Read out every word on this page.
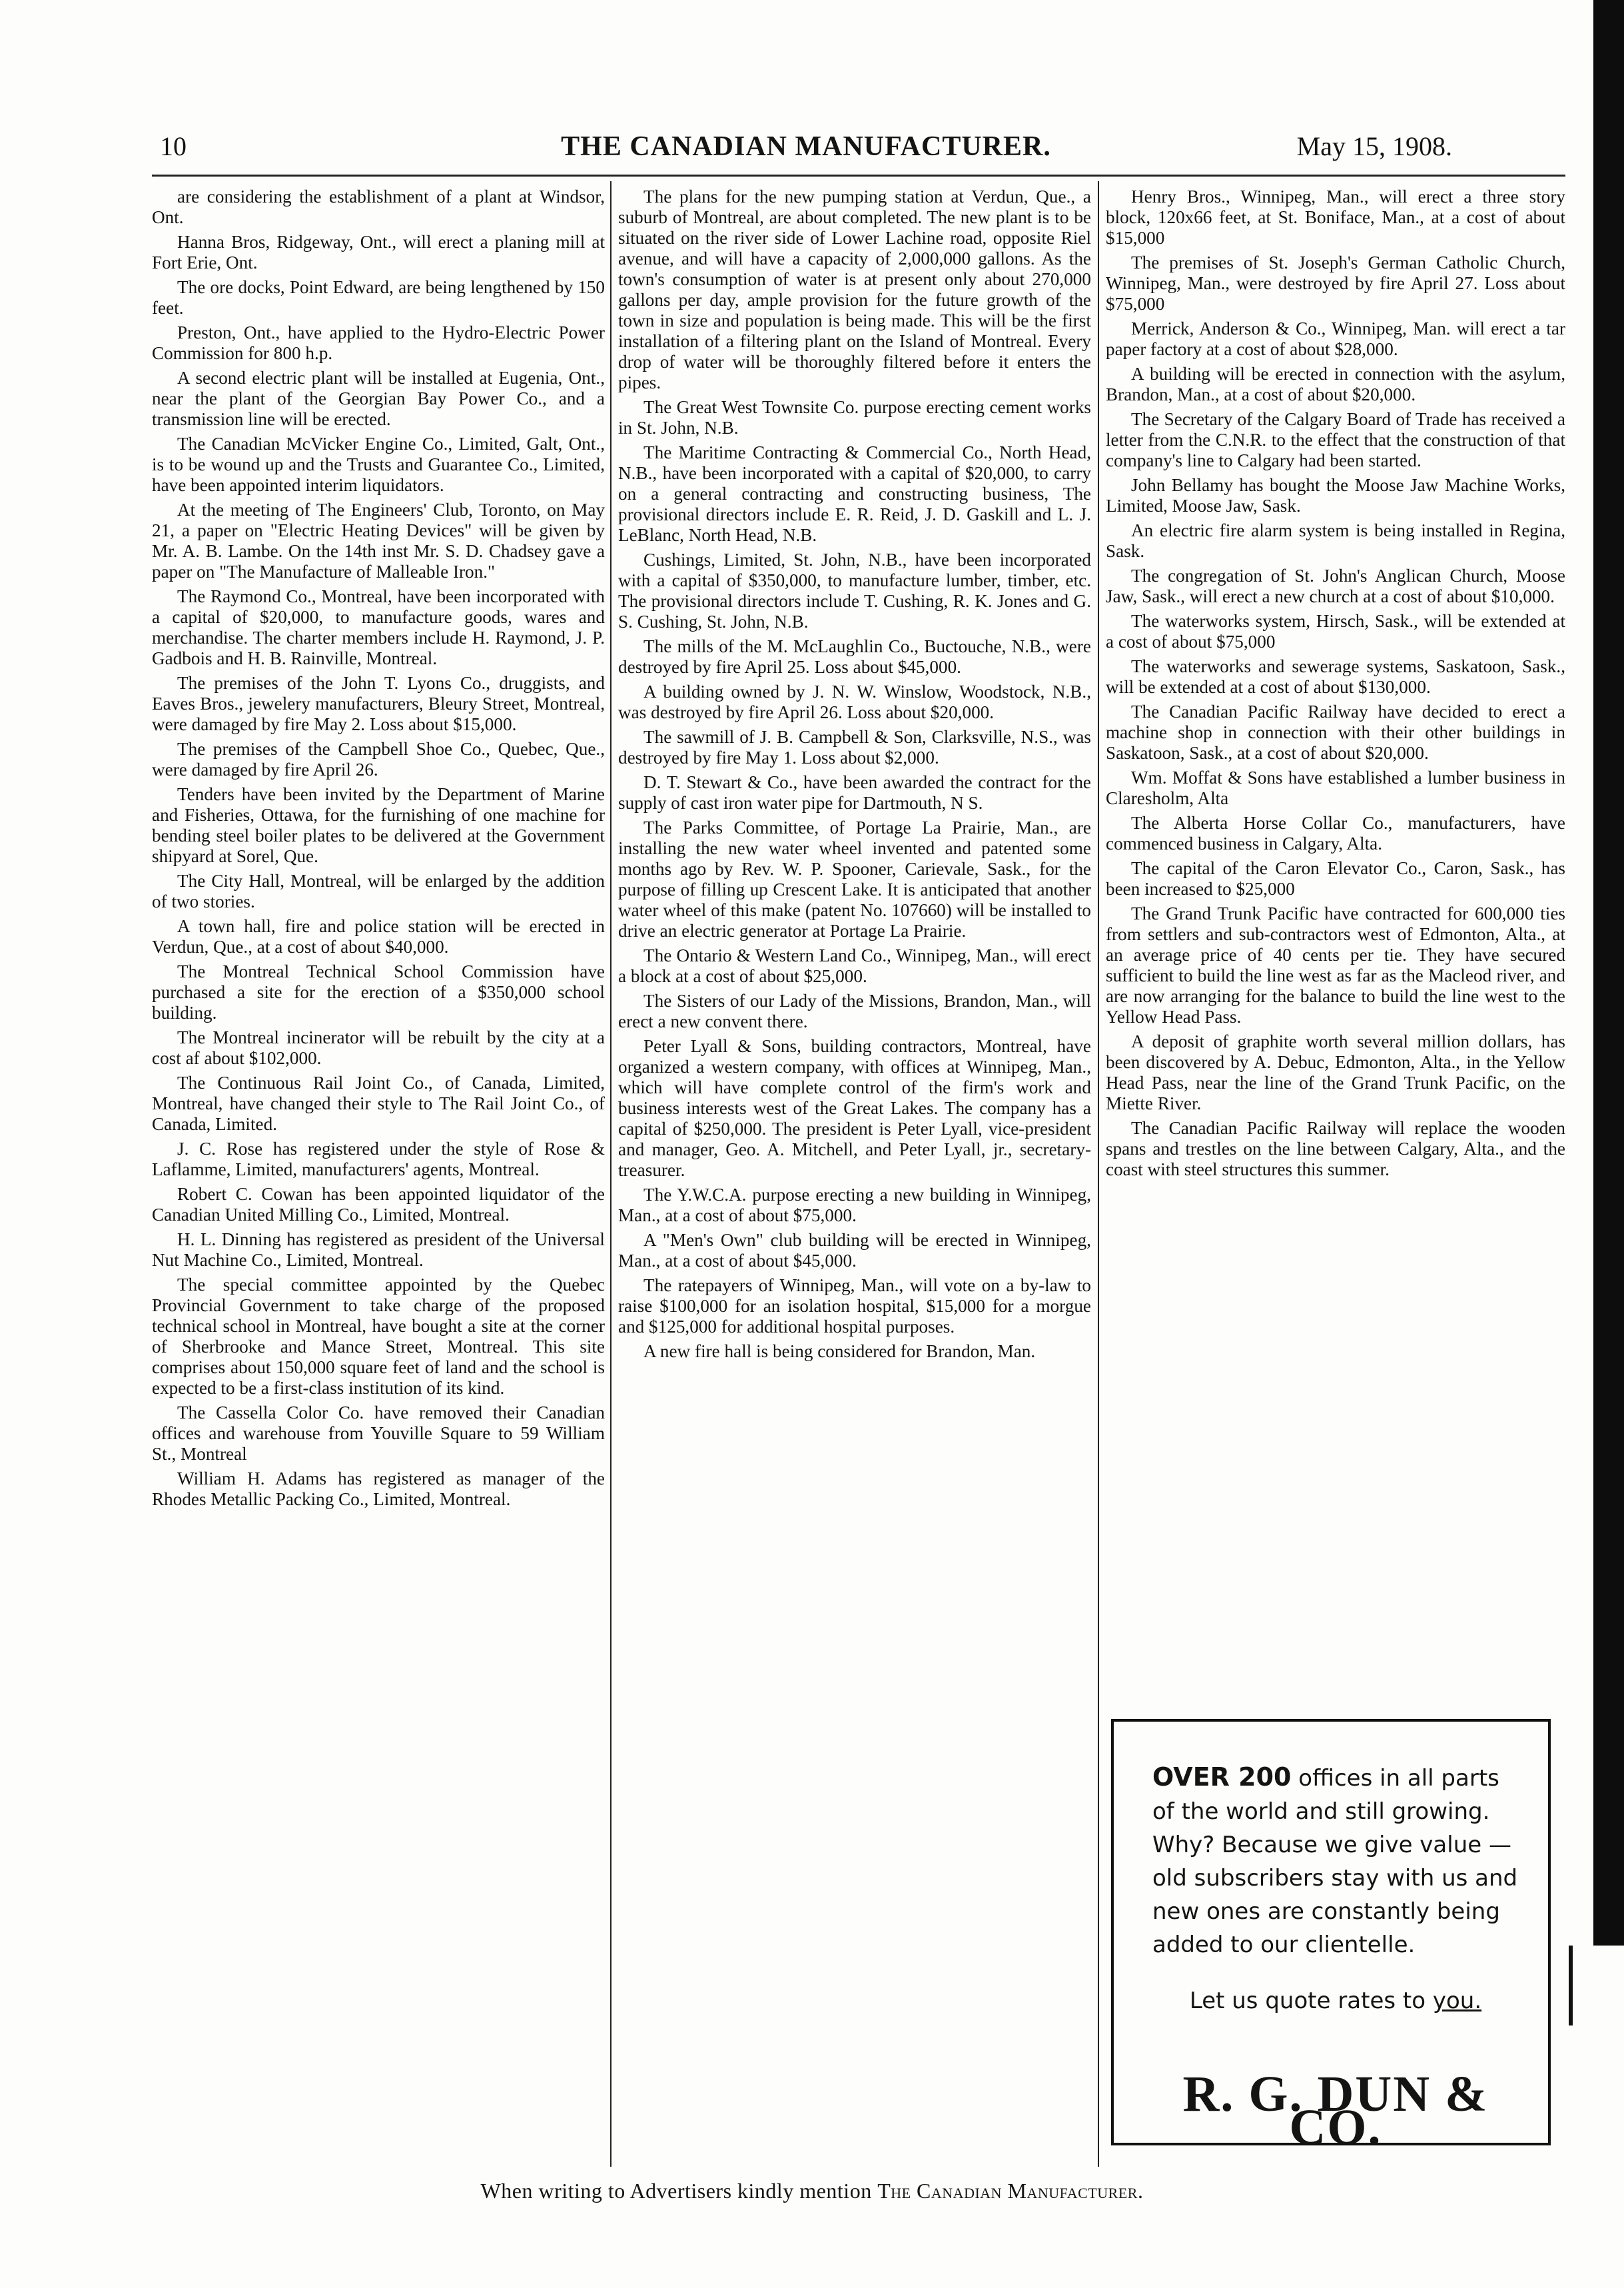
10	THE CANADIAN MANUFACTURER.	May 15, 1908.

are considering the establishment of a plant at Windsor, Ont.

Hanna Bros, Ridgeway, Ont., will erect a planing mill at Fort Erie, Ont.

The ore docks, Point Edward, are being lengthened by 150 feet.

Preston, Ont., have applied to the Hydro-Electric Power Commission for 800 h.p.

A second electric plant will be installed at Eugenia, Ont., near the plant of the Georgian Bay Power Co., and a transmission line will be erected.

The Canadian McVicker Engine Co., Limited, Galt, Ont., is to be wound up and the Trusts and Guarantee Co., Limited, have been appointed interim liquidators.

At the meeting of The Engineers' Club, Toronto, on May 21, a paper on "Electric Heating Devices" will be given by Mr. A. B. Lambe. On the 14th inst Mr. S. D. Chadsey gave a paper on "The Manufacture of Malleable Iron."

The Raymond Co., Montreal, have been incorporated with a capital of $20,000, to manufacture goods, wares and merchandise. The charter members include H. Raymond, J. P. Gadbois and H. B. Rainville, Montreal.

The premises of the John T. Lyons Co., druggists, and Eaves Bros., jewelery manufacturers, Bleury Street, Montreal, were damaged by fire May 2. Loss about $15,000.

The premises of the Campbell Shoe Co., Quebec, Que., were damaged by fire April 26.

Tenders have been invited by the Department of Marine and Fisheries, Ottawa, for the furnishing of one machine for bending steel boiler plates to be delivered at the Government shipyard at Sorel, Que.

The City Hall, Montreal, will be enlarged by the addition of two stories.

A town hall, fire and police station will be erected in Verdun, Que., at a cost of about $40,000.

The Montreal Technical School Commission have purchased a site for the erection of a $350,000 school building.

The Montreal incinerator will be rebuilt by the city at a cost af about $102,000.

The Continuous Rail Joint Co., of Canada, Limited, Montreal, have changed their style to The Rail Joint Co., of Canada, Limited.

J. C. Rose has registered under the style of Rose & Laflamme, Limited, manufacturers' agents, Montreal.

Robert C. Cowan has been appointed liquidator of the Canadian United Milling Co., Limited, Montreal.

H. L. Dinning has registered as president of the Universal Nut Machine Co., Limited, Montreal.

The special committee appointed by the Quebec Provincial Government to take charge of the proposed technical school in Montreal, have bought a site at the corner of Sherbrooke and Mance Street, Montreal. This site comprises about 150,000 square feet of land and the school is expected to be a first-class institution of its kind.

The Cassella Color Co. have removed their Canadian offices and warehouse from Youville Square to 59 William St., Montreal

William H. Adams has registered as manager of the Rhodes Metallic Packing Co., Limited, Montreal.

The plans for the new pumping station at Verdun, Que., a suburb of Montreal, are about completed. The new plant is to be situated on the river side of Lower Lachine road, opposite Riel avenue, and will have a capacity of 2,000,000 gallons. As the town's consumption of water is at present only about 270,000 gallons per day, ample provision for the future growth of the town in size and population is being made. This will be the first installation of a filtering plant on the Island of Montreal. Every drop of water will be thoroughly filtered before it enters the pipes.

The Great West Townsite Co. purpose erecting cement works in St. John, N.B.

The Maritime Contracting & Commercial Co., North Head, N.B., have been incorporated with a capital of $20,000, to carry on a general contracting and constructing business, The provisional directors include E. R. Reid, J. D. Gaskill and L. J. LeBlanc, North Head, N.B.

Cushings, Limited, St. John, N.B., have been incorporated with a capital of $350,000, to manufacture lumber, timber, etc. The provisional directors include T. Cushing, R. K. Jones and G. S. Cushing, St. John, N.B.

The mills of the M. McLaughlin Co., Buctouche, N.B., were destroyed by fire April 25. Loss about $45,000.

A building owned by J. N. W. Winslow, Woodstock, N.B., was destroyed by fire April 26. Loss about $20,000.

The sawmill of J. B. Campbell & Son, Clarksville, N.S., was destroyed by fire May 1. Loss about $2,000.

D. T. Stewart & Co., have been awarded the contract for the supply of cast iron water pipe for Dartmouth, N S.

The Parks Committee, of Portage La Prairie, Man., are installing the new water wheel invented and patented some months ago by Rev. W. P. Spooner, Carievale, Sask., for the purpose of filling up Crescent Lake. It is anticipated that another water wheel of this make (patent No. 107660) will be installed to drive an electric generator at Portage La Prairie.

The Ontario & Western Land Co., Winnipeg, Man., will erect a block at a cost of about $25,000.

The Sisters of our Lady of the Missions, Brandon, Man., will erect a new convent there.

Peter Lyall & Sons, building contractors, Montreal, have organized a western company, with offices at Winnipeg, Man., which will have complete control of the firm's work and business interests west of the Great Lakes. The company has a capital of $250,000. The president is Peter Lyall, vice-president and manager, Geo. A. Mitchell, and Peter Lyall, jr., secretary-treasurer.

The Y.W.C.A. purpose erecting a new building in Winnipeg, Man., at a cost of about $75,000.

A "Men's Own" club building will be erected in Winnipeg, Man., at a cost of about $45,000.

The ratepayers of Winnipeg, Man., will vote on a by-law to raise $100,000 for an isolation hospital, $15,000 for a morgue and $125,000 for additional hospital purposes.

A new fire hall is being considered for Brandon, Man.

Henry Bros., Winnipeg, Man., will erect a three story block, 120x66 feet, at St. Boniface, Man., at a cost of about $15,000

The premises of St. Joseph's German Catholic Church, Winnipeg, Man., were destroyed by fire April 27. Loss about $75,000

Merrick, Anderson & Co., Winnipeg, Man. will erect a tar paper factory at a cost of about $28,000.

A building will be erected in connection with the asylum, Brandon, Man., at a cost of about $20,000.

The Secretary of the Calgary Board of Trade has received a letter from the C.N.R. to the effect that the construction of that company's line to Calgary had been started.

John Bellamy has bought the Moose Jaw Machine Works, Limited, Moose Jaw, Sask.

An electric fire alarm system is being installed in Regina, Sask.

The congregation of St. John's Anglican Church, Moose Jaw, Sask., will erect a new church at a cost of about $10,000.

The waterworks system, Hirsch, Sask., will be extended at a cost of about $75,000

The waterworks and sewerage systems, Saskatoon, Sask., will be extended at a cost of about $130,000.

The Canadian Pacific Railway have decided to erect a machine shop in connection with their other buildings in Saskatoon, Sask., at a cost of about $20,000.

Wm. Moffat & Sons have established a lumber business in Claresholm, Alta

The Alberta Horse Collar Co., manufacturers, have commenced business in Calgary, Alta.

The capital of the Caron Elevator Co., Caron, Sask., has been increased to $25,000

The Grand Trunk Pacific have contracted for 600,000 ties from settlers and sub-contractors west of Edmonton, Alta., at an average price of 40 cents per tie. They have secured sufficient to build the line west as far as the Macleod river, and are now arranging for the balance to build the line west to the Yellow Head Pass.

A deposit of graphite worth several million dollars, has been discovered by A. Debuc, Edmonton, Alta., in the Yellow Head Pass, near the line of the Grand Trunk Pacific, on the Miette River.

The Canadian Pacific Railway will replace the wooden spans and trestles on the line between Calgary, Alta., and the coast with steel structures this summer.

OVER 200 offices in all parts of the world and still growing. Why? Because we give value — old subscribers stay with us and new ones are constantly being added to our clientelle.

Let us quote rates to you.
R. G. DUN & CO.
When writing to Advertisers kindly mention The Canadian Manufacturer.
